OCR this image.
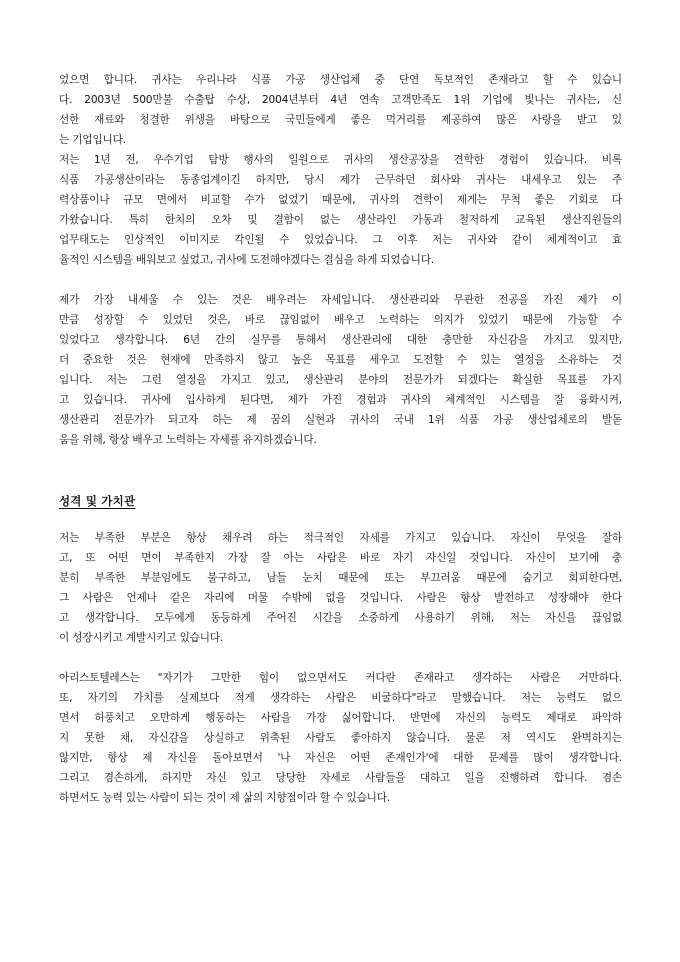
었으면 합니다. 귀사는 우리나라 식품 가공 생산업체 중 단연 독보적인 존재라고 할 수 있습니
다. 2003년 500만불 수출탑 수상, 2004년부터 4년 연속 고객만족도 1위 기업에 빛나는 귀사는, 신
선한 재료와 청결한 위생을 바탕으로 국민들에게 좋은 먹거리를 제공하여 많은 사랑을 받고 있
는 기업입니다.
저는 1년 전, 우수기업 탐방 행사의 일원으로 귀사의 생산공장을 견학한 경험이 있습니다. 비록
식품 가공생산이라는 동종업계이긴 하지만, 당시 제가 근무하던 회사와 귀사는 내세우고 있는 주
력상품이나 규모 면에서 비교할 수가 없었기 때문에, 귀사의 견학이 제게는 무척 좋은 기회로 다
가왔습니다. 특히 한치의 오차 및 결함이 없는 생산라인 가동과 철저하게 교육된 생산직원들의
업무태도는 인상적인 이미지로 각인될 수 있었습니다. 그 이후 저는 귀사와 같이 체계적이고 효
율적인 시스템을 배워보고 싶었고, 귀사에 도전해야겠다는 결심을 하게 되었습니다.
제가 가장 내세울 수 있는 것은 배우려는 자세입니다. 생산관리와 무관한 전공을 가진 제가 이
만큼 성장할 수 있었던 것은, 바로 끊임없이 배우고 노력하는 의지가 있었기 때문에 가능할 수
있었다고 생각합니다. 6년 간의 실무를 통해서 생산관리에 대한 충만한 자신감을 가지고 있지만,
더 중요한 것은 현재에 만족하지 않고 높은 목표를 세우고 도전할 수 있는 열정을 소유하는 것
입니다. 저는 그런 열정을 가지고 있고, 생산관리 분야의 전문가가 되겠다는 확실한 목표를 가지
고 있습니다. 귀사에 입사하게 된다면, 제가 가진 경험과 귀사의 체계적인 시스템을 잘 융화시켜,
생산관리 전문가가 되고자 하는 제 꿈의 실현과 귀사의 국내 1위 식품 가공 생산업체로의 발돋
움을 위해, 항상 배우고 노력하는 자세를 유지하겠습니다.
성격 및 가치관
저는 부족한 부분은 항상 채우려 하는 적극적인 자세를 가지고 있습니다. 자신이 무엇을 잘하
고, 또 어떤 면이 부족한지 가장 잘 아는 사람은 바로 자기 자신일 것입니다. 자신이 보기에 충
분히 부족한 부분임에도 불구하고, 남들 눈치 때문에 또는 부끄러움 때문에 숨기고 회피한다면,
그 사람은 언제나 같은 자리에 머물 수밖에 없을 것입니다. 사람은 항상 발전하고 성장해야 한다
고 생각합니다. 모두에게 동등하게 주어진 시간을 소중하게 사용하기 위해, 저는 자신을 끊임없
이 성장시키고 계발시키고 있습니다.
아리스토텔레스는 "자기가 그만한 힘이 없으면서도 커다란 존재라고 생각하는 사람은 거만하다.
또, 자기의 가치를 실제보다 적게 생각하는 사람은 비굴하다"라고 말했습니다. 저는 능력도 없으
면서 허풍치고 오만하게 행동하는 사람을 가장 싫어합니다. 반면에 자신의 능력도 제대로 파악하
지 못한 채, 자신감을 상실하고 위축된 사람도 좋아하지 않습니다. 물론 저 역시도 완벽하지는
않지만, 항상 제 자신을 돌아보면서 '나 자신은 어떤 존재인가'에 대한 문제를 많이 생각합니다.
그리고 겸손하게, 하지만 자신 있고 당당한 자세로 사람들을 대하고 일을 진행하려 합니다. 겸손
하면서도 능력 있는 사람이 되는 것이 제 삶의 지향점이라 할 수 있습니다.
